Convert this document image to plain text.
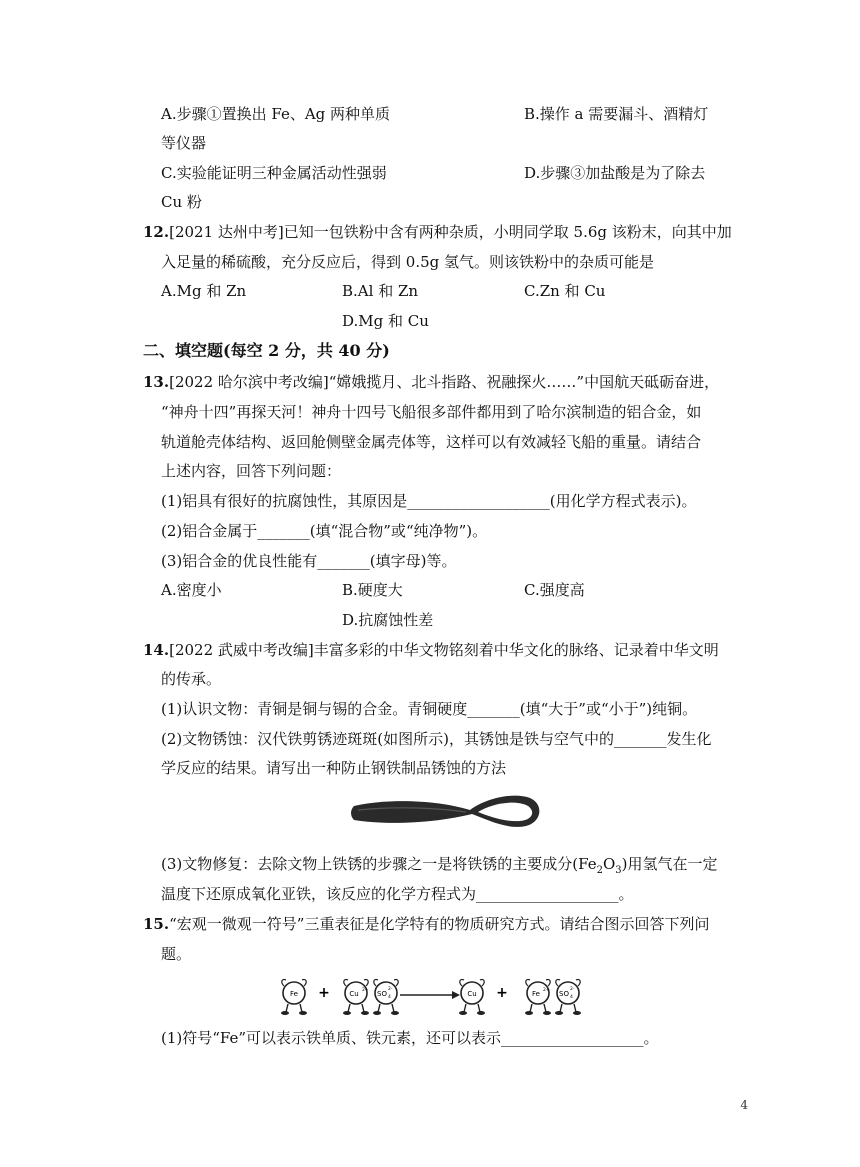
A.步骤①置换出 Fe、Ag 两种单质	B.操作 a 需要漏斗、酒精灯
等仪器
C.实验能证明三种金属活动性强弱	D.步骤③加盐酸是为了除去
Cu 粉
12.[2021 达州中考]已知一包铁粉中含有两种杂质，小明同学取 5.6g 该粉末，向其中加
入足量的稀硫酸，充分反应后，得到 0.5g 氢气。则该铁粉中的杂质可能是
A.Mg 和 Zn	B.Al 和 Zn	C.Zn 和 Cu
D.Mg 和 Cu
二、填空题(每空 2 分，共 40 分)
13.[2022 哈尔滨中考改编]“嫦娥揽月、北斗指路、祝融探火……”中国航天砥砺奋进，
“神舟十四”再探天河！神舟十四号飞船很多部件都用到了哈尔滨制造的铝合金，如
轨道舱壳体结构、返回舱侧壁金属壳体等，这样可以有效减轻飞船的重量。请结合
上述内容，回答下列问题：
(1)铝具有很好的抗腐蚀性，其原因是___________________(用化学方程式表示)。
(2)铝合金属于_______(填“混合物”或“纯净物”)。
(3)铝合金的优良性能有_______(填字母)等。
A.密度小	B.硬度大	C.强度高
D.抗腐蚀性差
14.[2022 武威中考改编]丰富多彩的中华文物铭刻着中华文化的脉络、记录着中华文明
的传承。
(1)认识文物：青铜是铜与锡的合金。青铜硬度_______(填“大于”或“小于”)纯铜。
(2)文物锈蚀：汉代铁剪锈迹斑斑(如图所示)，其锈蚀是铁与空气中的_______发生化
学反应的结果。请写出一种防止钢铁制品锈蚀的方法
(3)文物修复：去除文物上铁锈的步骤之一是将铁锈的主要成分$(Fe_2O_3)$用氢气在一定
温度下还原成氧化亚铁，该反应的化学方程式为___________________。
15.“宏观一微观一符号”三重表征是化学特有的物质研究方式。请结合图示回答下列问
题。
Fe +	Cu 2+ SO 4
2-
Cu +	Fe 2+ SO 4
2-
(1)符号“Fe”可以表示铁单质、铁元素，还可以表示___________________。
4
